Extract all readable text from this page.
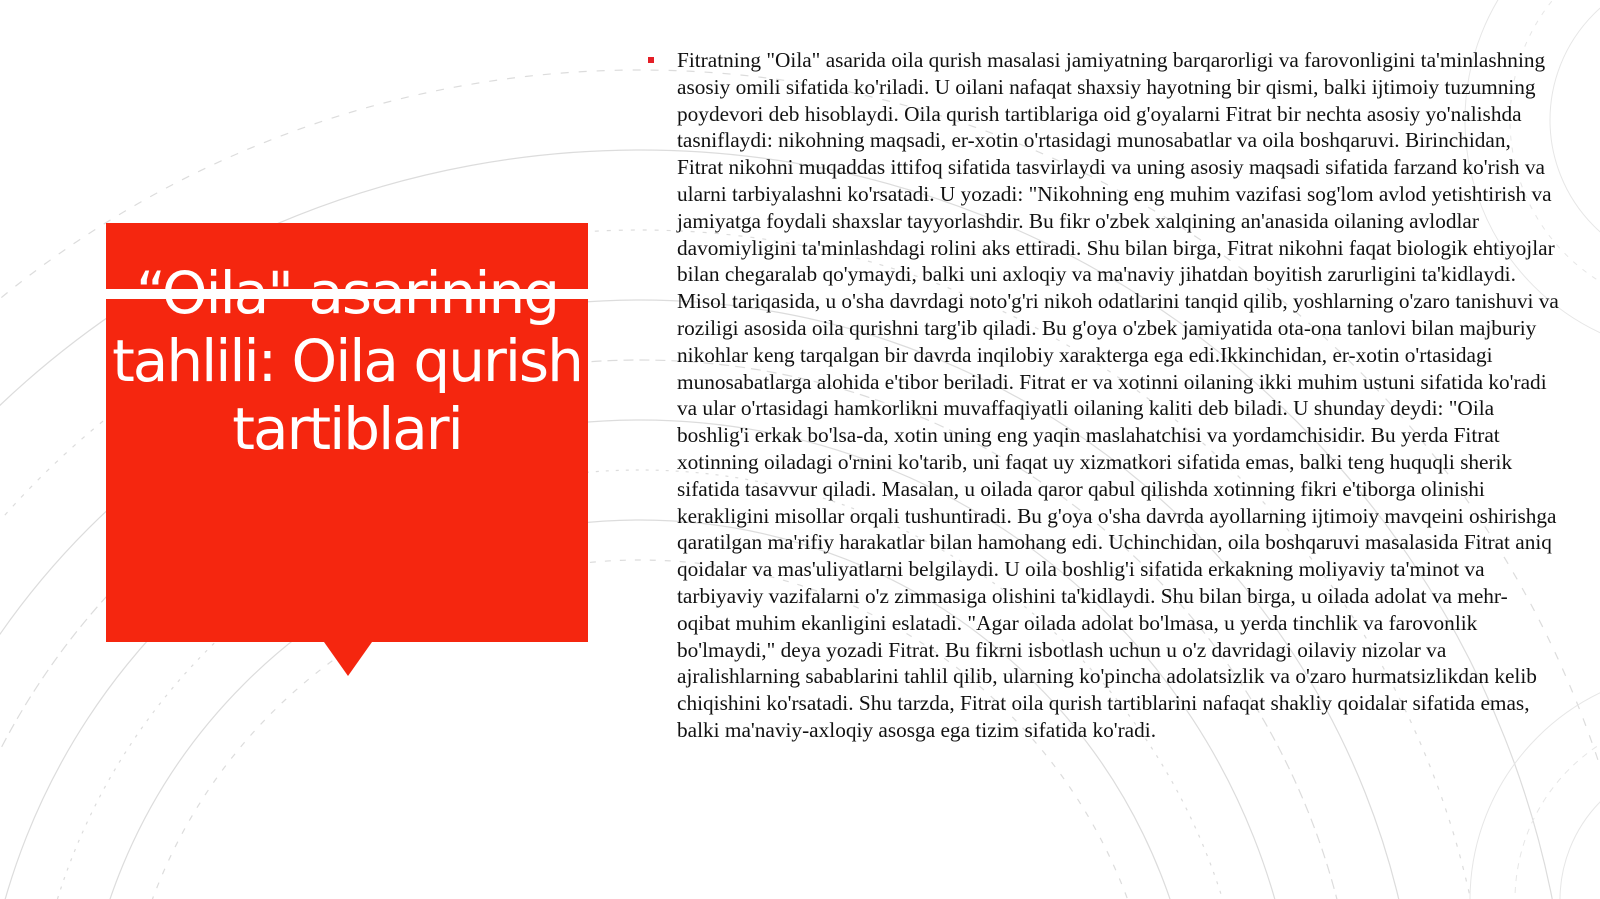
“Oila" asarining tahlili: Oila qurish tartiblari

Fitratning "Oila" asarida oila qurish masalasi jamiyatning barqarorligi va farovonligini ta'minlashning asosiy omili sifatida ko'riladi. U oilani nafaqat shaxsiy hayotning bir qismi, balki ijtimoiy tuzumning poydevori deb hisoblaydi. Oila qurish tartiblariga oid g'oyalarni Fitrat bir nechta asosiy yo'nalishda tasniflaydi: nikohning maqsadi, er-xotin o'rtasidagi munosabatlar va oila boshqaruvi. Birinchidan, Fitrat nikohni muqaddas ittifoq sifatida tasvirlaydi va uning asosiy maqsadi sifatida farzand ko'rish va ularni tarbiyalashni ko'rsatadi. U yozadi: "Nikohning eng muhim vazifasi sog'lom avlod yetishtirish va jamiyatga foydali shaxslar tayyorlashdir. Bu fikr o'zbek xalqining an'anasida oilaning avlodlar davomiyligini ta'minlashdagi rolini aks ettiradi. Shu bilan birga, Fitrat nikohni faqat biologik ehtiyojlar bilan chegaralab qo'ymaydi, balki uni axloqiy va ma'naviy jihatdan boyitish zarurligini ta'kidlaydi. Misol tariqasida, u o'sha davrdagi noto'g'ri nikoh odatlarini tanqid qilib, yoshlarning o'zaro tanishuvi va roziligi asosida oila qurishni targ'ib qiladi. Bu g'oya o'zbek jamiyatida ota-ona tanlovi bilan majburiy nikohlar keng tarqalgan bir davrda inqilobiy xarakterga ega edi.Ikkinchidan, er-xotin o'rtasidagi munosabatlarga alohida e'tibor beriladi. Fitrat er va xotinni oilaning ikki muhim ustuni sifatida ko'radi va ular o'rtasidagi hamkorlikni muvaffaqiyatli oilaning kaliti deb biladi. U shunday deydi: "Oila boshlig'i erkak bo'lsa-da, xotin uning eng yaqin maslahatchisi va yordamchisidir. Bu yerda Fitrat xotinning oiladagi o'rnini ko'tarib, uni faqat uy xizmatkori sifatida emas, balki teng huquqli sherik sifatida tasavvur qiladi. Masalan, u oilada qaror qabul qilishda xotinning fikri e'tiborga olinishi kerakligini misollar orqali tushuntiradi. Bu g'oya o'sha davrda ayollarning ijtimoiy mavqeini oshirishga qaratilgan ma'rifiy harakatlar bilan hamohang edi. Uchinchidan, oila boshqaruvi masalasida Fitrat aniq qoidalar va mas'uliyatlarni belgilaydi. U oila boshlig'i sifatida erkakning moliyaviy ta'minot va tarbiyaviy vazifalarni o'z zimmasiga olishini ta'kidlaydi. Shu bilan birga, u oilada adolat va mehr-oqibat muhim ekanligini eslatadi. "Agar oilada adolat bo'lmasa, u yerda tinchlik va farovonlik bo'lmaydi," deya yozadi Fitrat. Bu fikrni isbotlash uchun u o'z davridagi oilaviy nizolar va ajralishlarning sabablarini tahlil qilib, ularning ko'pincha adolatsizlik va o'zaro hurmatsizlikdan kelib chiqishini ko'rsatadi. Shu tarzda, Fitrat oila qurish tartiblarini nafaqat shakliy qoidalar sifatida emas, balki ma'naviy-axloqiy asosga ega tizim sifatida ko'radi.
